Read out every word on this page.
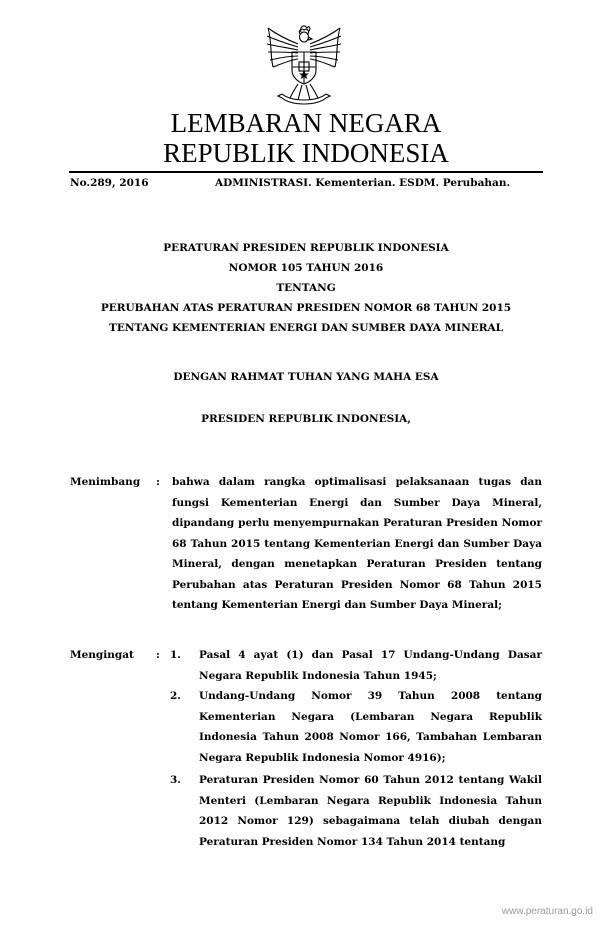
LEMBARAN NEGARA
REPUBLIK INDONESIA
No.289, 2016	ADMINISTRASI. Kementerian. ESDM. Perubahan.
PERATURAN PRESIDEN REPUBLIK INDONESIA
NOMOR 105 TAHUN 2016
TENTANG
PERUBAHAN ATAS PERATURAN PRESIDEN NOMOR 68 TAHUN 2015
TENTANG KEMENTERIAN ENERGI DAN SUMBER DAYA MINERAL
DENGAN RAHMAT TUHAN YANG MAHA ESA
PRESIDEN REPUBLIK INDONESIA,
Menimbang : bahwa dalam rangka optimalisasi pelaksanaan tugas dan fungsi Kementerian Energi dan Sumber Daya Mineral, dipandang perlu menyempurnakan Peraturan Presiden Nomor 68 Tahun 2015 tentang Kementerian Energi dan Sumber Daya Mineral, dengan menetapkan Peraturan Presiden tentang Perubahan atas Peraturan Presiden Nomor 68 Tahun 2015 tentang Kementerian Energi dan Sumber Daya Mineral;
Mengingat : 1. Pasal 4 ayat (1) dan Pasal 17 Undang-Undang Dasar Negara Republik Indonesia Tahun 1945;
2. Undang-Undang Nomor 39 Tahun 2008 tentang Kementerian Negara (Lembaran Negara Republik Indonesia Tahun 2008 Nomor 166, Tambahan Lembaran Negara Republik Indonesia Nomor 4916);
3. Peraturan Presiden Nomor 60 Tahun 2012 tentang Wakil Menteri (Lembaran Negara Republik Indonesia Tahun 2012 Nomor 129) sebagaimana telah diubah dengan Peraturan Presiden Nomor 134 Tahun 2014 tentang
www.peraturan.go.id
